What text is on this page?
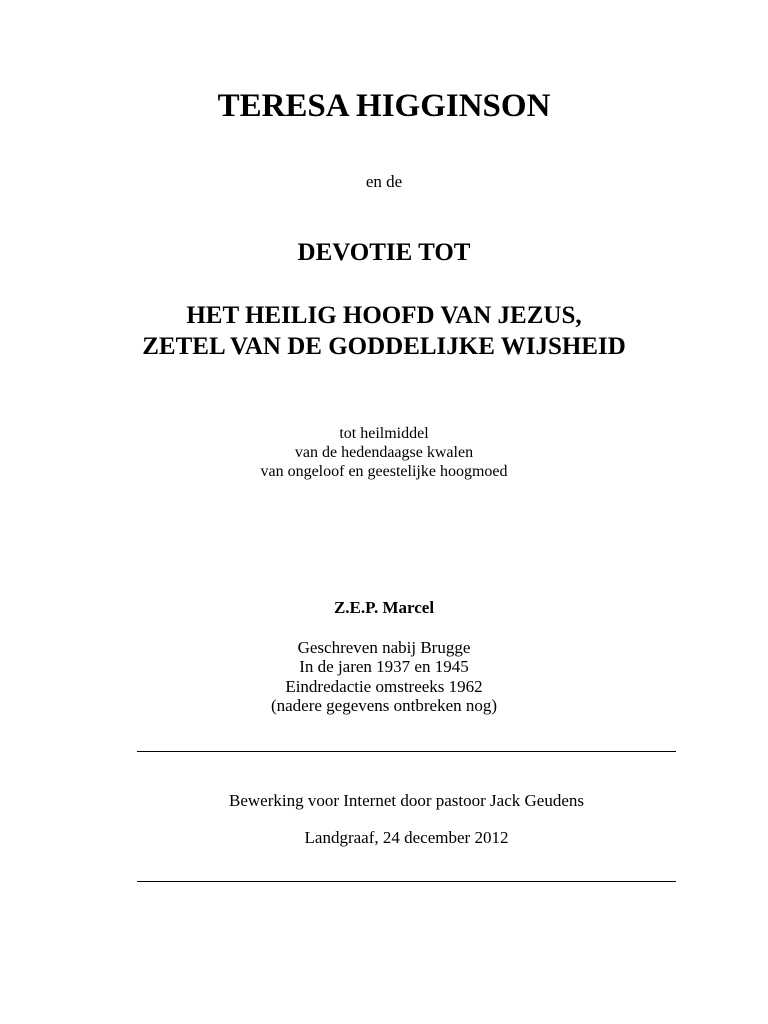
TERESA HIGGINSON
en de
DEVOTIE TOT
HET HEILIG HOOFD VAN JEZUS,
ZETEL VAN DE GODDELIJKE WIJSHEID
tot heilmiddel
van de hedendaagse kwalen
van ongeloof en geestelijke hoogmoed
Z.E.P. Marcel
Geschreven nabij Brugge
In de jaren 1937 en 1945
Eindredactie omstreeks 1962
(nadere gegevens ontbreken nog)
Bewerking voor Internet door pastoor Jack Geudens
Landgraaf, 24 december 2012
